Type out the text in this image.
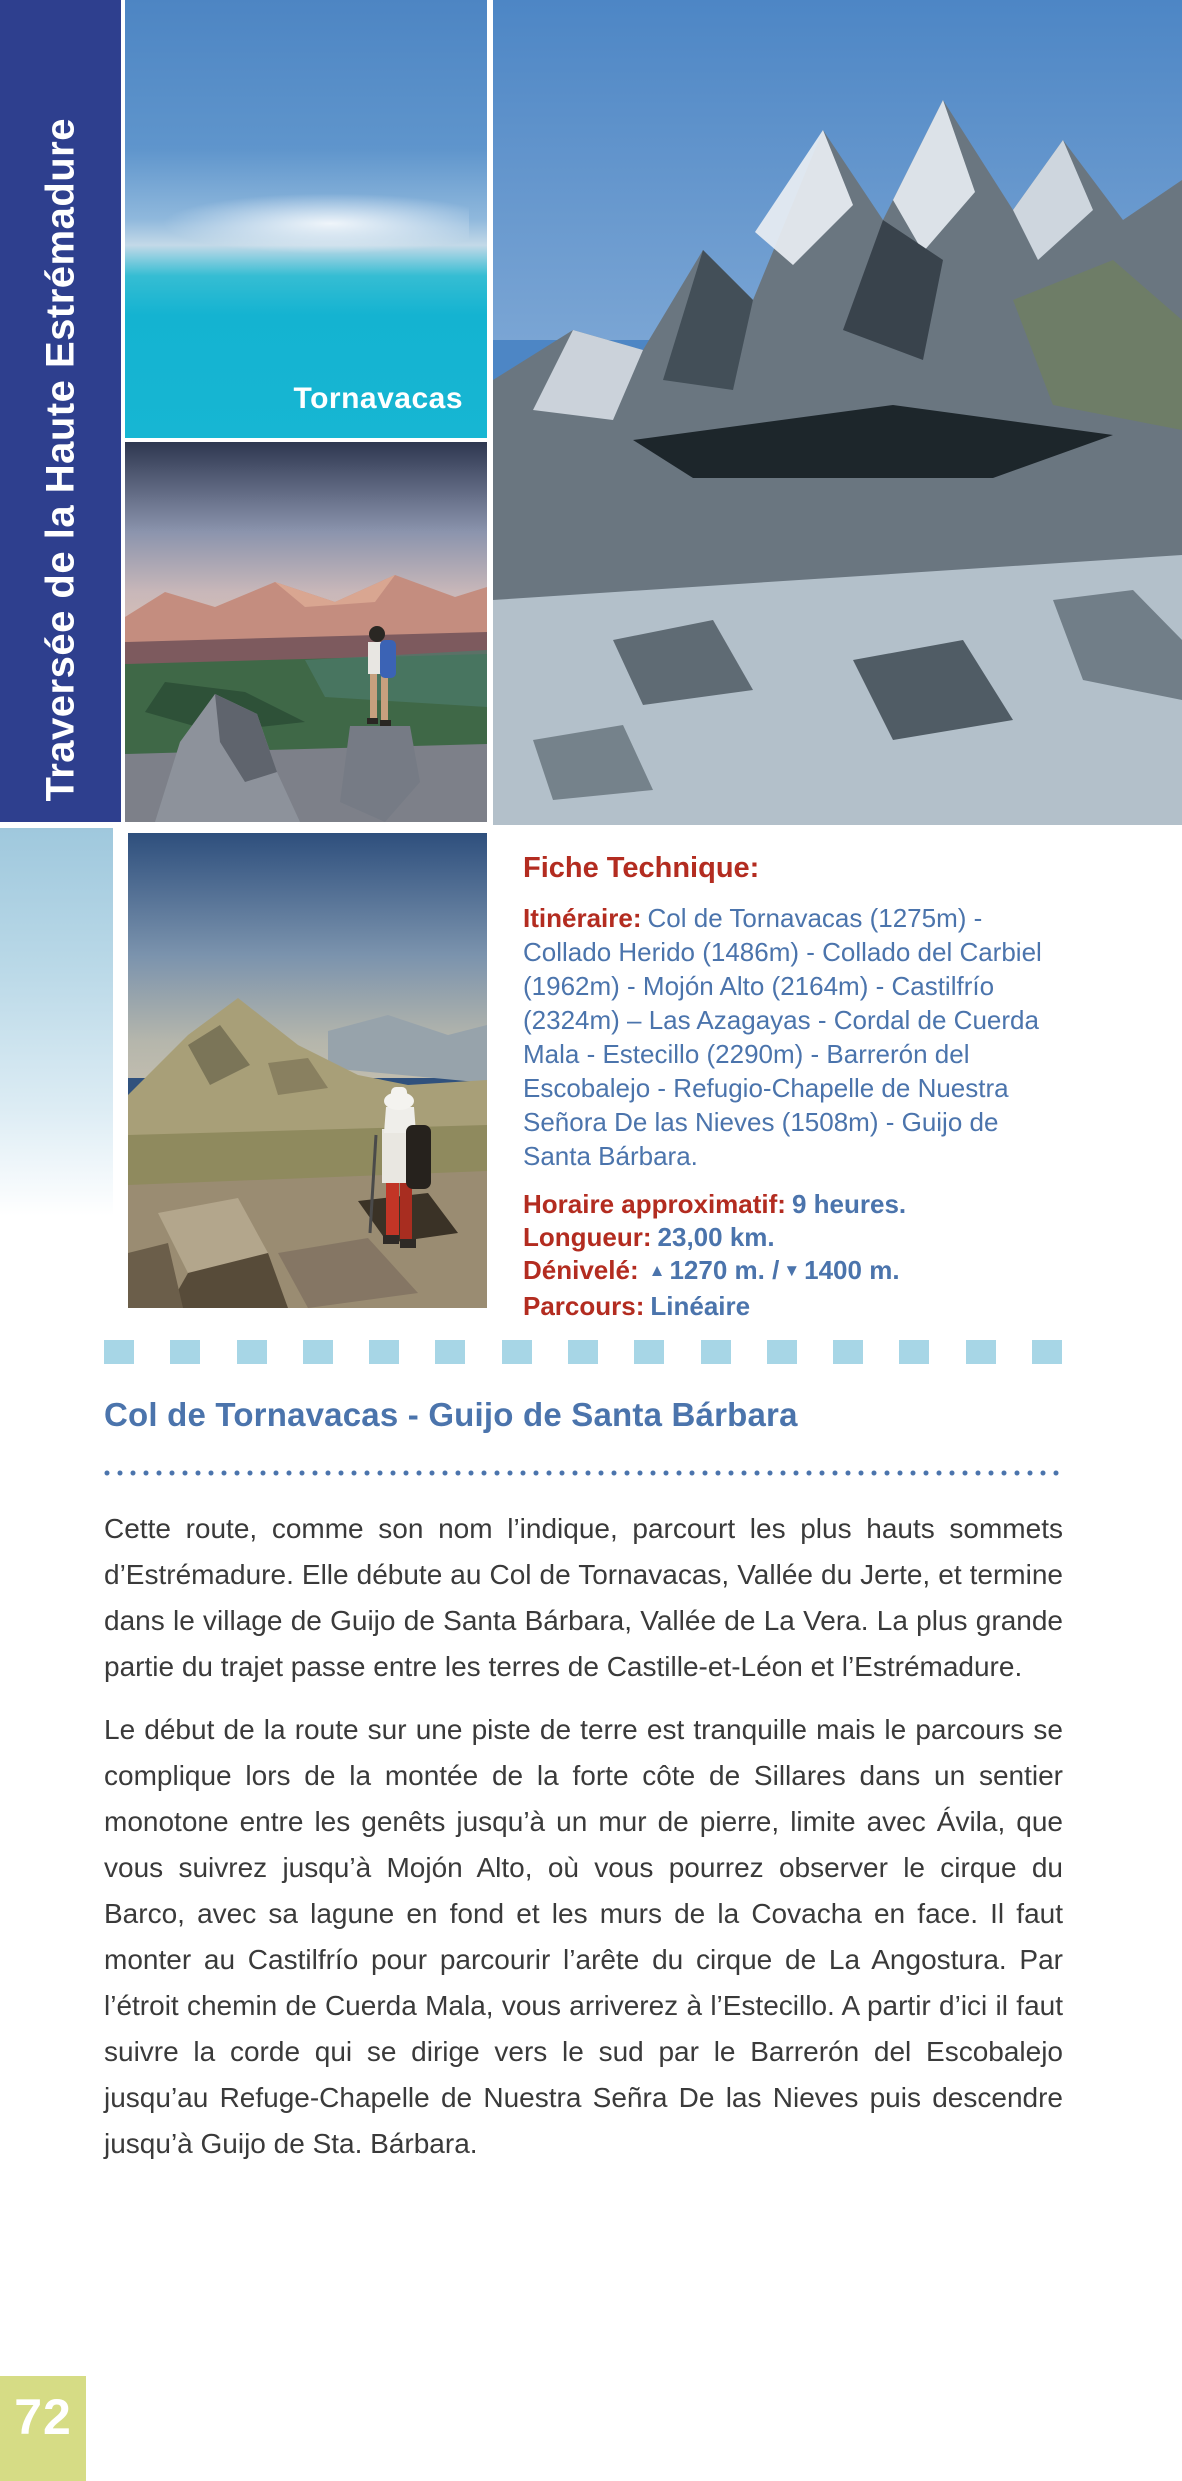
Traversée de la Haute Estrémadure	Tornavacas
Fiche Technique:

Itinéraire: Col de Tornavacas (1275m) - Collado Herido (1486m) - Collado del Carbiel (1962m) - Mojón Alto (2164m) - Castilfrío (2324m) – Las Azagayas - Cordal de Cuerda Mala - Estecillo (2290m) - Barrerón del Escobalejo - Refugio-Chapelle de Nuestra Señora De las Nieves (1508m) - Guijo de Santa Bárbara.

Horaire approximatif: 9 heures.
Longueur: 23,00 km.
Dénivelé: ▲ 1270 m. / ▼ 1400 m.
Parcours: Linéaire
Col de Tornavacas - Guijo de Santa Bárbara

Cette route, comme son nom l’indique, parcourt les plus hauts sommets d’Estrémadure. Elle débute au Col de Tornavacas, Vallée du Jerte, et termine dans le village de Guijo de Santa Bárbara, Vallée de La Vera. La plus grande partie du trajet passe entre les terres de Castille-et-Léon et l’Estrémadure.

Le début de la route sur une piste de terre est tranquille mais le parcours se complique lors de la montée de la forte côte de Sillares dans un sentier monotone entre les genêts jusqu’à un mur de pierre, limite avec Ávila, que vous suivrez jusqu’à Mojón Alto, où vous pourrez observer le cirque du Barco, avec sa lagune en fond et les murs de la Covacha en face. Il faut monter au Castilfrío pour parcourir l’arête du cirque de La Angostura. Par l’étroit chemin de Cuerda Mala, vous arriverez à l’Estecillo. A partir d’ici il faut suivre la corde qui se dirige vers le sud par le Barrerón del Escobalejo jusqu’au Refuge-Chapelle de Nuestra Señra De las Nieves puis descendre jusqu’à Guijo de Sta. Bárbara.

72
